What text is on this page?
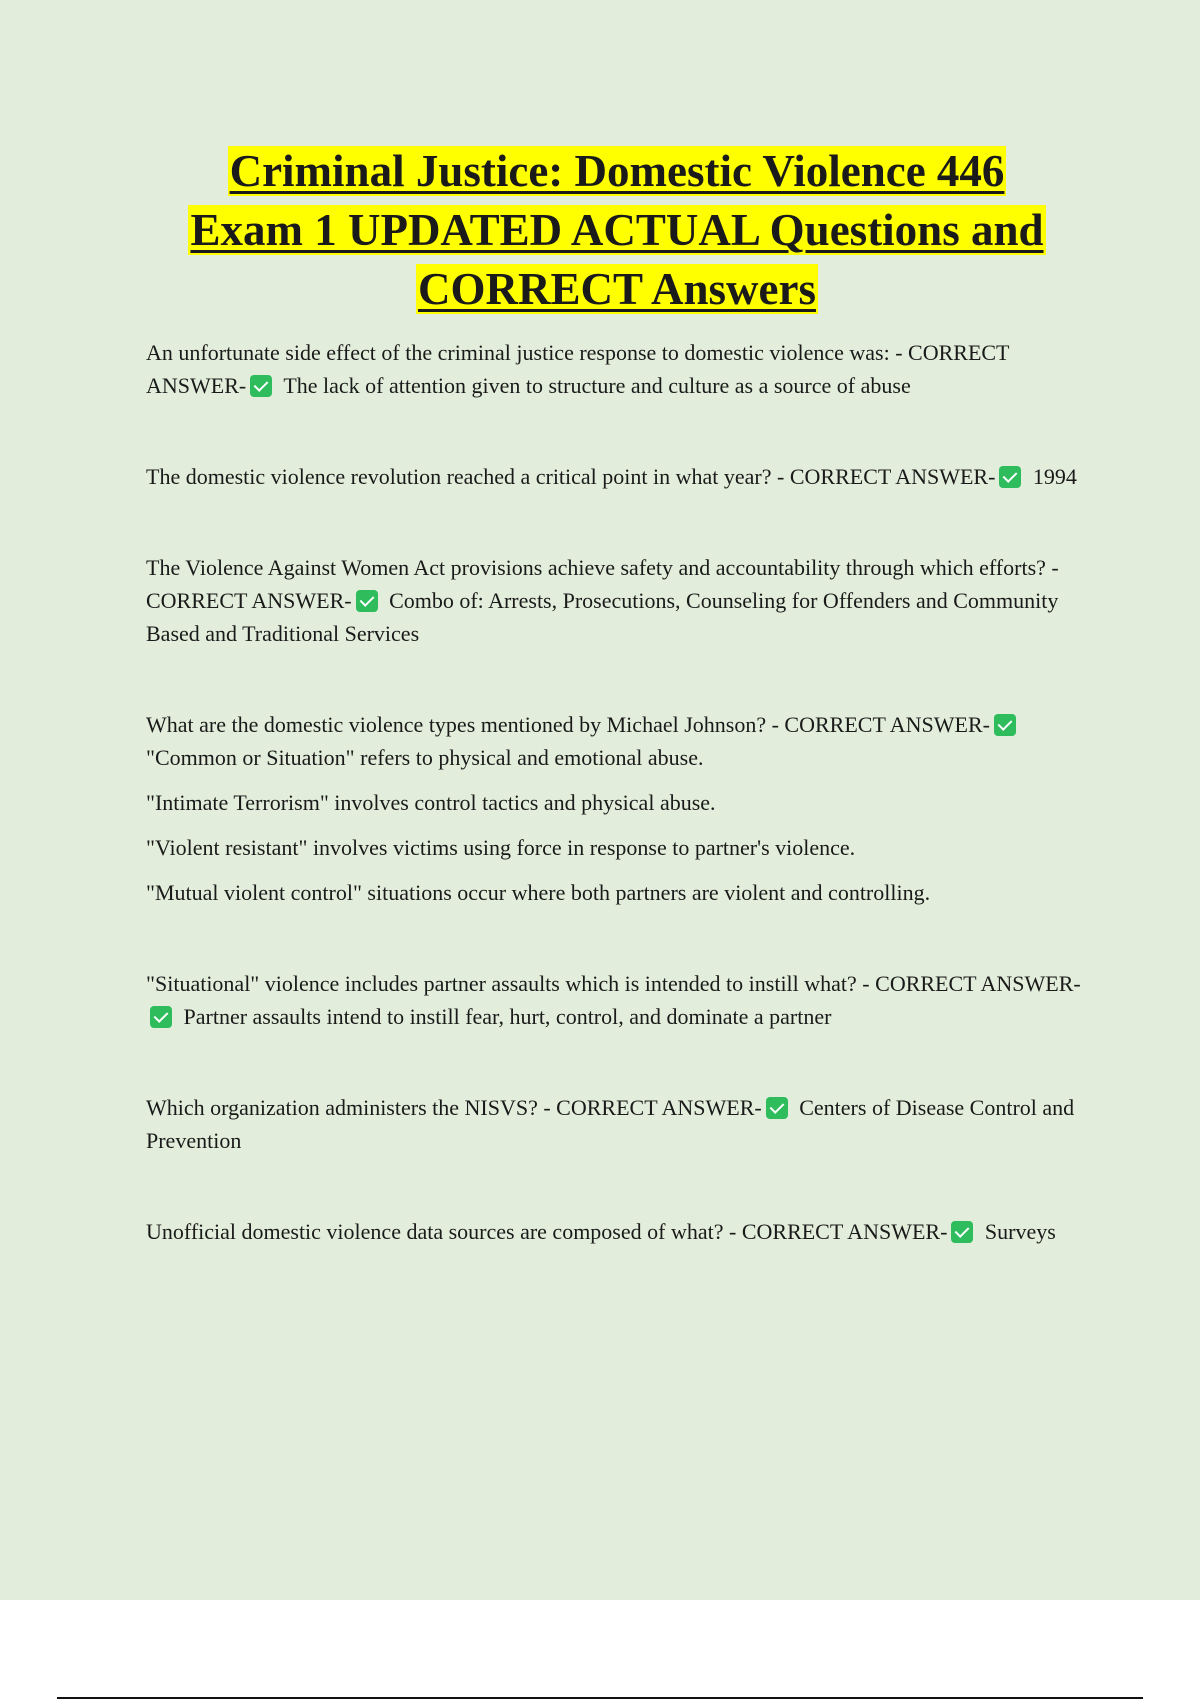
Criminal Justice: Domestic Violence 446
Exam 1 UPDATED ACTUAL Questions and
CORRECT Answers

An unfortunate side effect of the criminal justice response to domestic violence was: - CORRECT ANSWER- The lack of attention given to structure and culture as a source of abuse

The domestic violence revolution reached a critical point in what year? - CORRECT ANSWER- 1994

The Violence Against Women Act provisions achieve safety and accountability through which efforts? - CORRECT ANSWER- Combo of: Arrests, Prosecutions, Counseling for Offenders and Community Based and Traditional Services

What are the domestic violence types mentioned by Michael Johnson? - CORRECT ANSWER- "Common or Situation" refers to physical and emotional abuse.

"Intimate Terrorism" involves control tactics and physical abuse.

"Violent resistant" involves victims using force in response to partner's violence.

"Mutual violent control" situations occur where both partners are violent and controlling.

"Situational" violence includes partner assaults which is intended to instill what? - CORRECT ANSWER- Partner assaults intend to instill fear, hurt, control, and dominate a partner

Which organization administers the NISVS? - CORRECT ANSWER- Centers of Disease Control and Prevention

Unofficial domestic violence data sources are composed of what? - CORRECT ANSWER- Surveys
